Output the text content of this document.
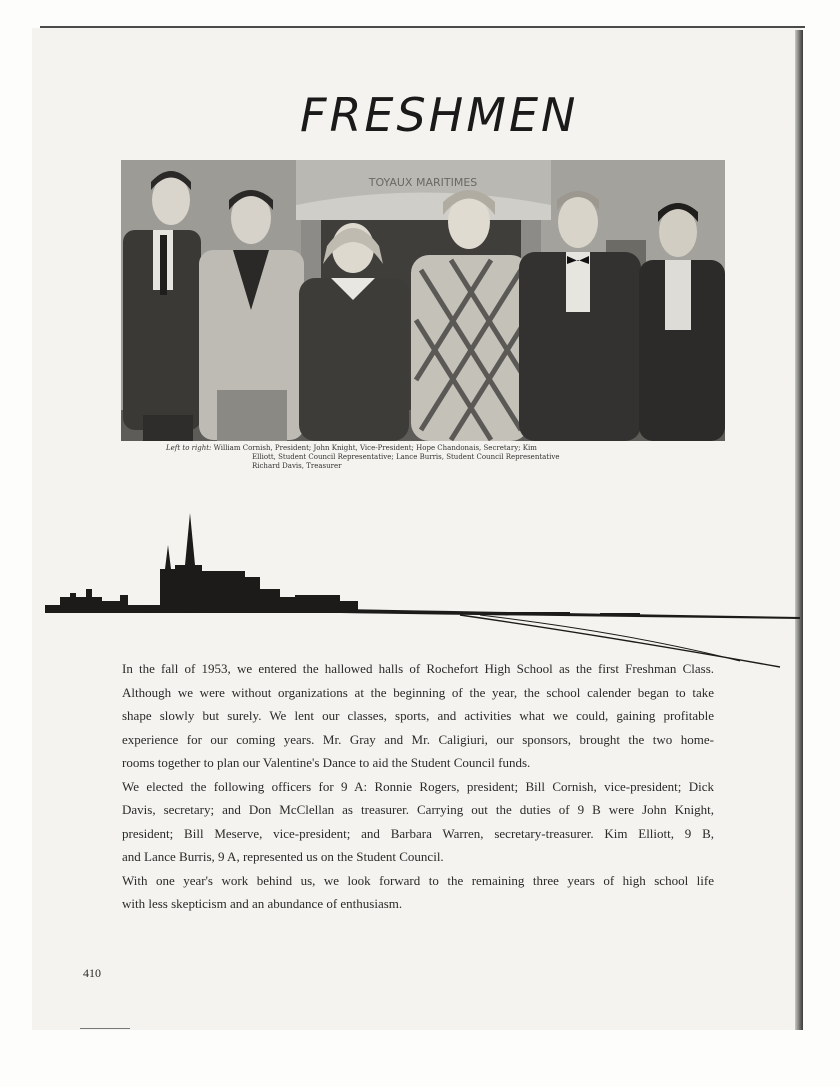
FRESHMEN
TOYAUX MARITIMES
Left to right: William Cornish, President; John Knight, Vice-President; Hope Chandonais, Secretary; Kim
Elliott, Student Council Representative; Lance Burris, Student Council Representative
Richard Davis, Treasurer
In the fall of 1953, we entered the hallowed halls of Rochefort High School as the first Freshman Class.
Although we were without organizations at the beginning of the year, the school calender began to take
shape slowly but surely. We lent our classes, sports, and activities what we could, gaining profitable
experience for our coming years. Mr. Gray and Mr. Caligiuri, our sponsors, brought the two home-
rooms together to plan our Valentine's Dance to aid the Student Council funds.
We elected the following officers for 9 A: Ronnie Rogers, president; Bill Cornish, vice-president; Dick
Davis, secretary; and Don McClellan as treasurer. Carrying out the duties of 9 B were John Knight,
president; Bill Meserve, vice-president; and Barbara Warren, secretary-treasurer. Kim Elliott, 9 B,
and Lance Burris, 9 A, represented us on the Student Council.
With one year's work behind us, we look forward to the remaining three years of high school life
with less skepticism and an abundance of enthusiasm.
410
